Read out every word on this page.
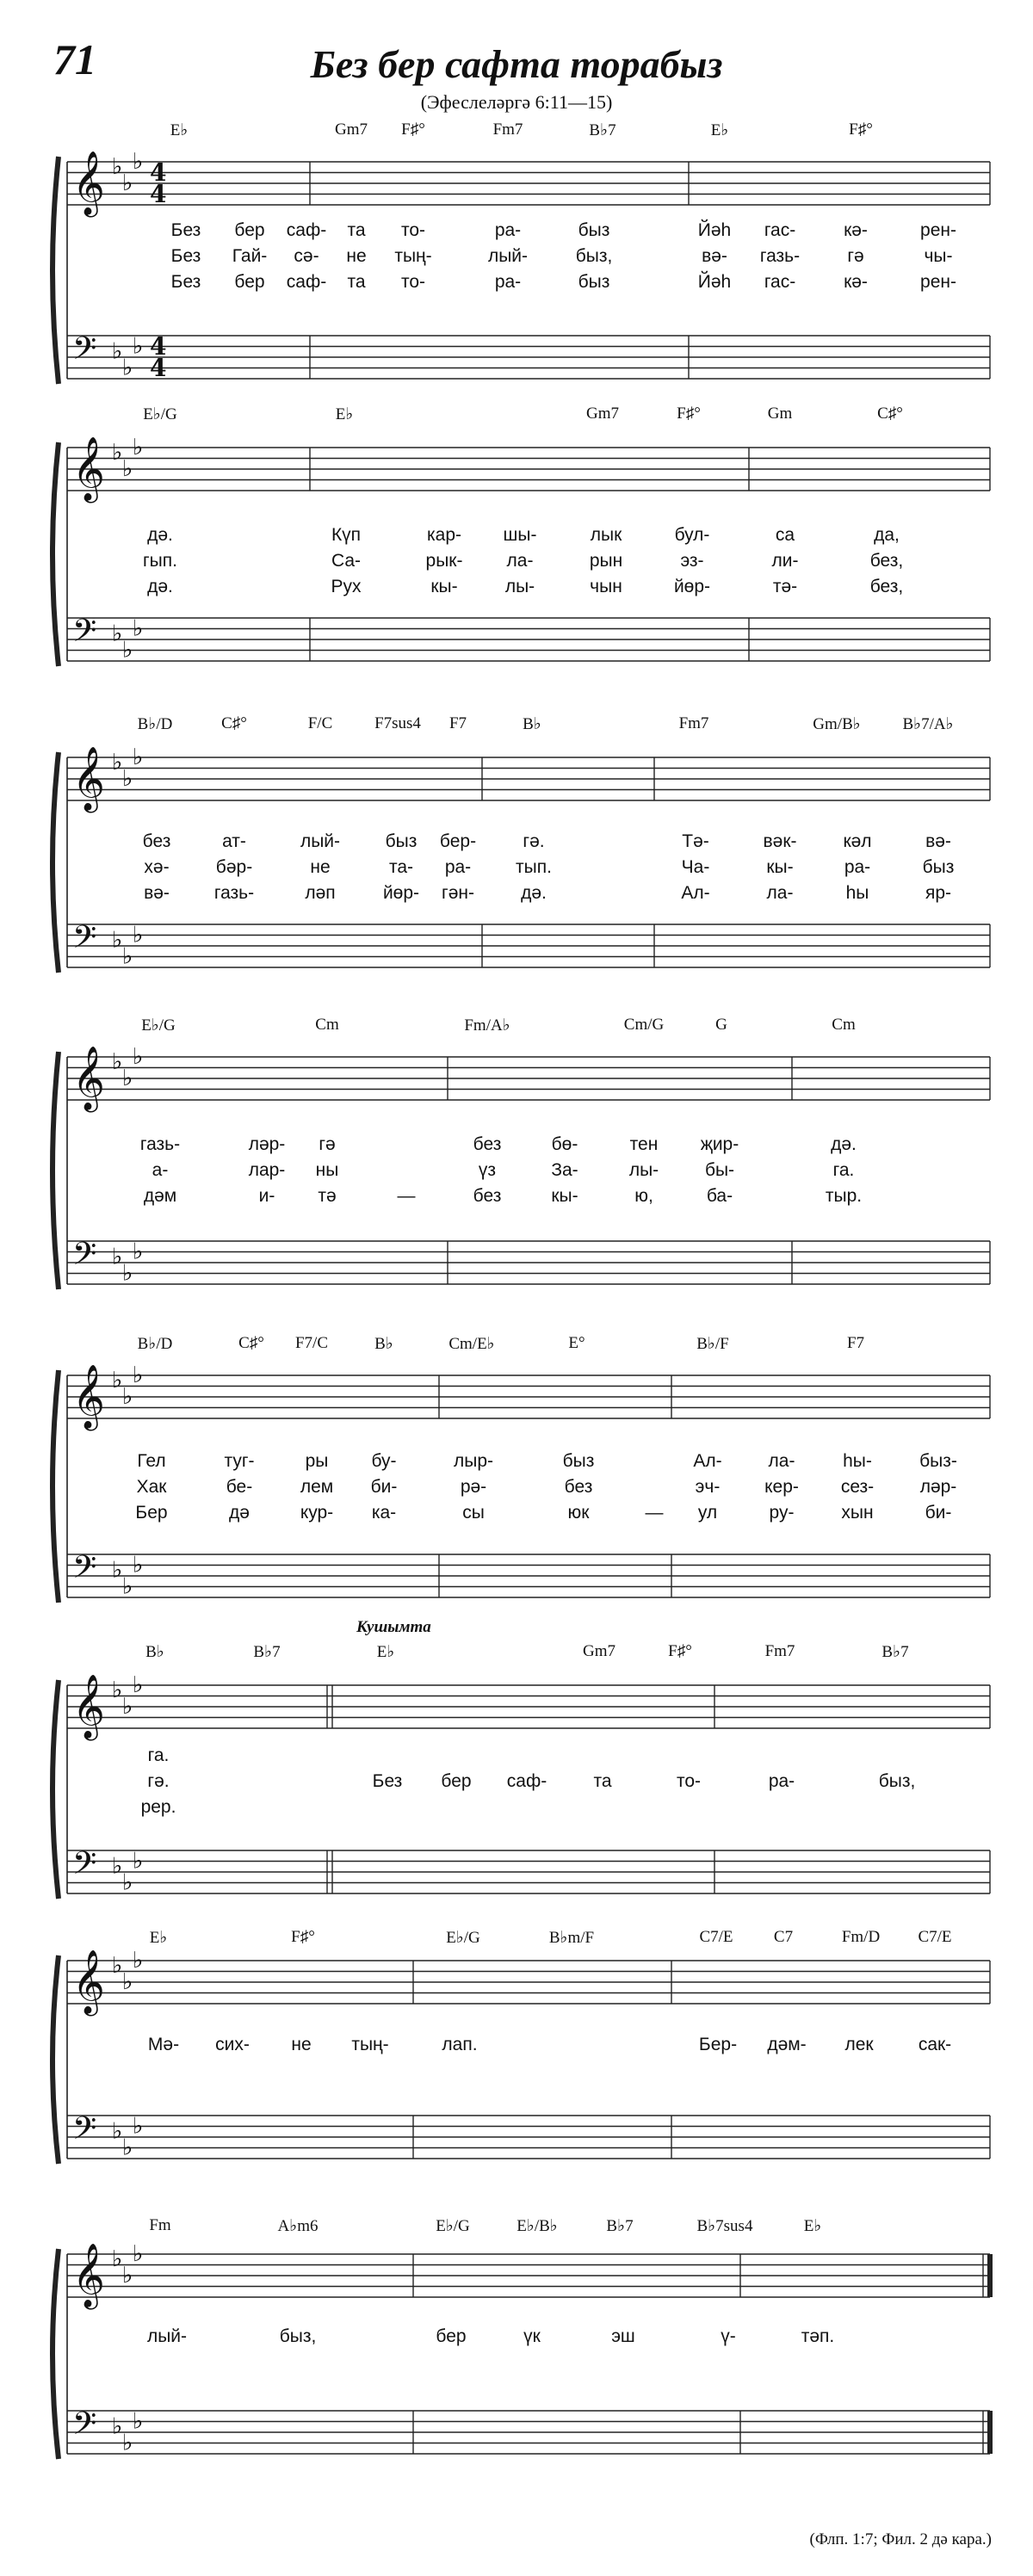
71	Без бер сафта торабыз
(Эфеслеләргә 6:11—15)
E♭	Gm7 F♯°	Fm7	B♭7	E♭	F♯°
𝄞 ♭
♭
♭ 4
4
𝄢 ♭
♭
♭ 4
4
Без бер саф- та то-	ра-	быз	Йәһ гас-	кә-	рен-
Без Гай- сә- не тың-	лый-	быз,	вә- газь-	гә	чы-
Без бер саф- та то-	ра-	быз	Йәһ гас-	кә-	рен-
E♭/G	E♭	Gm7	F♯°	Gm	C♯°
𝄞 ♭
♭
♭
𝄢 ♭
♭
♭
дә.	Күп	кар- шы-	лык	бул-	са	да,
гып.	Са-	рык- ла-	рын	эз-	ли-	без,
дә.	Рух	кы-	лы-	чын	йөр-	тә-	без,
B♭/D	C♯°	F/C	F7sus4 F7	B♭	Fm7	Gm/B♭	B♭7/A♭
𝄞 ♭
♭
♭
𝄢 ♭
♭
♭
без	ат-	лый-	быз бер-	гә.	Тә-	вәк-	кәл	вә-
хә-	бәр-	не	та- ра- тып.	Ча-	кы-	ра-	быз
вә- газь-	ләп	йөр- гән-	дә.	Ал-	ла-	һы	яр-
E♭/G	Cm	Fm/A♭	Cm/G	G	Cm
𝄞 ♭
♭
♭
𝄢 ♭
♭
♭
газь-	ләр- гә	без	бө-	тен җир-	дә.
а-	лар- ны	үз	За-	лы-	бы-	га.
дәм	и- тә	—	без	кы-	ю,	ба-	тыр.
B♭/D	C♯° F7/C	B♭	Cm/E♭	E°	B♭/F	F7
𝄞 ♭
♭
♭
𝄢 ♭
♭
♭
Гел	туг-	ры бу-	лыр-	быз	Ал-	ла-	һы-	быз-
Хак	бе-	лем би-	рә-	без	эч- кер- сез-	ләр-
Бер	дә	кур- ка-	сы	юк	— ул	ру-	хын	би-
Кушымта
B♭	B♭7	E♭	Gm7	F♯°	Fm7	B♭7
𝄞 ♭
♭
♭
𝄢 ♭
♭
♭
га.
гә.	Без бер саф-	та	то-	ра-	быз,
рер.
E♭	F♯°	E♭/G	B♭m/F	C7/E C7	Fm/D C7/E
𝄞 ♭
♭
♭
𝄢 ♭
♭
♭
Мә- сих- не тың-	лап.	Бер- дәм- лек сак-
Fm	A♭m6	E♭/G	E♭/B♭	B♭7	B♭7sus4	E♭
𝄞 ♭
♭
♭
𝄢 ♭
♭
♭
лый-	быз,	бер	үк	эш	ү-	тәп.
(Флп. 1:7; Фил. 2 дә кара.)
